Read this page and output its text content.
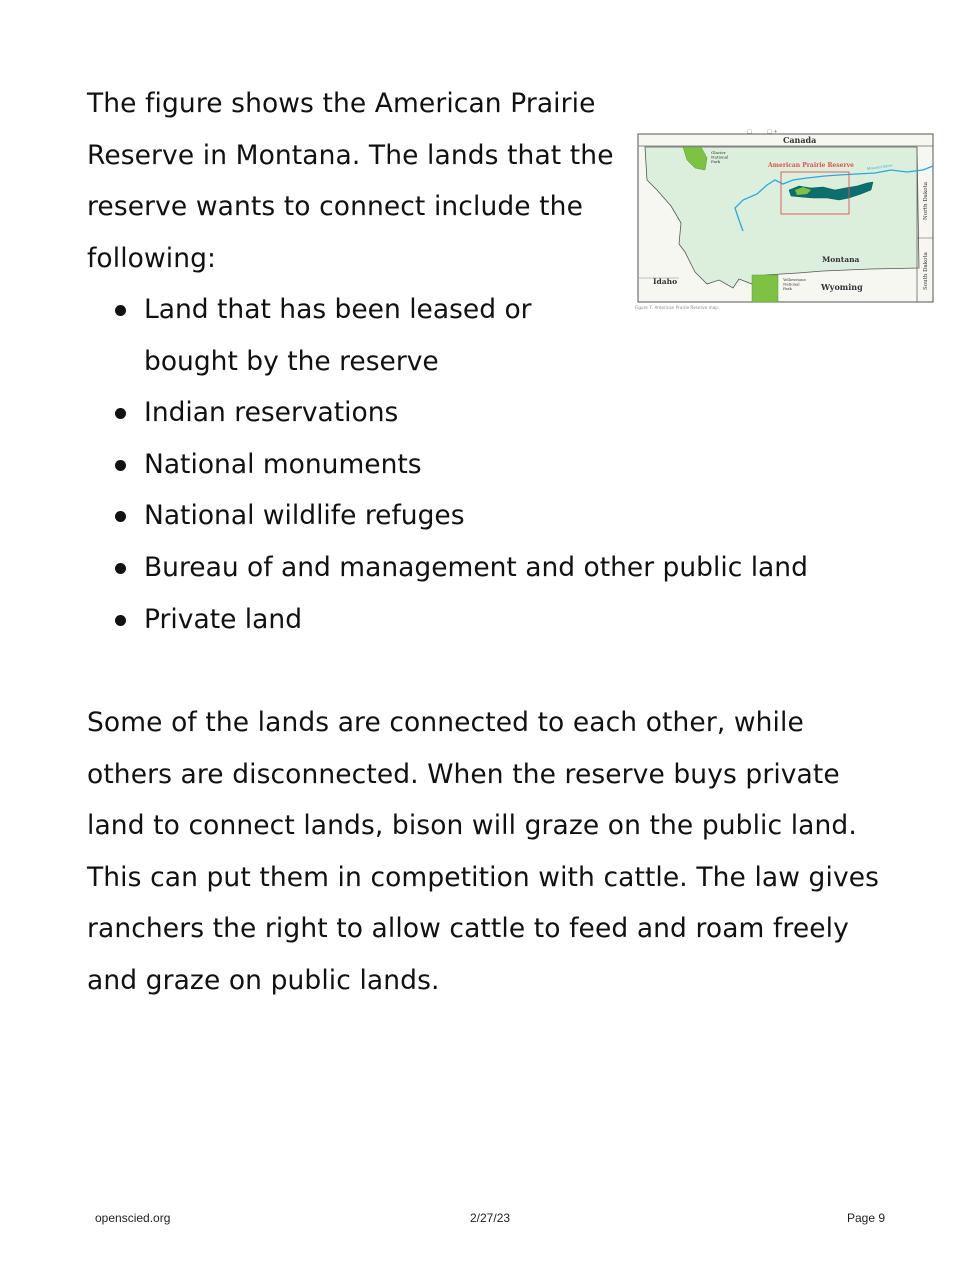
The figure shows the American Prairie Reserve in Montana. The lands that the reserve wants to connect include the following:

Land that has been leased or bought by the reserve
Indian reservations
National monuments
National wildlife refuges
Bureau of and management and other public land
Private land
□	□ +
Canada
Glacier
National
Park
American Prairie Reserve	Missouri River
North Dakota
South Dakota
Montana
Idaho	Yellowstone
National
Park	Wyoming
Figure 7. American Prairie Reserve map.

Some of the lands are connected to each other, while others are disconnected. When the reserve buys private land to connect lands, bison will graze on the public land. This can put them in competition with cattle. The law gives ranchers the right to allow cattle to feed and roam freely and graze on public lands.

openscied.org	2/27/23	Page 9
